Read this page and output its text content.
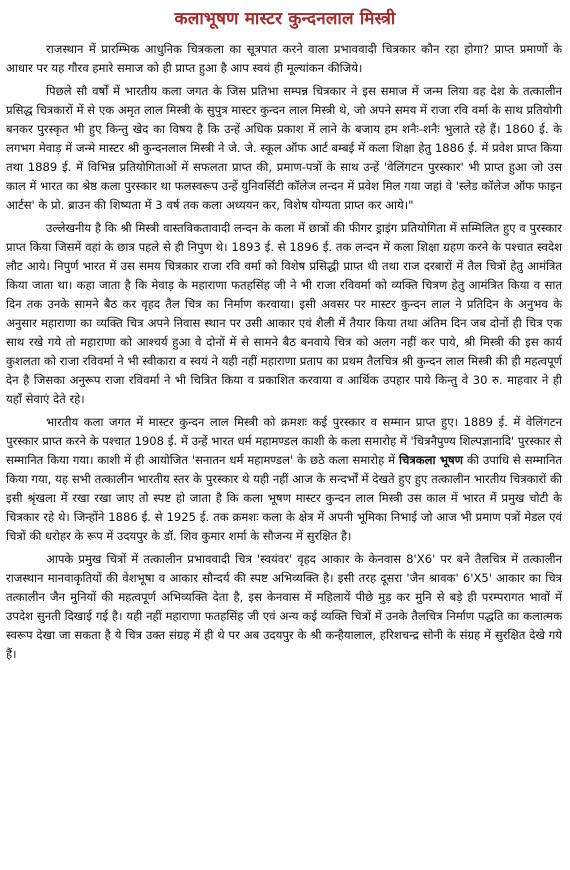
कलाभूषण मास्टर कुन्दनलाल मिस्त्री

राजस्थान में प्रारम्भिक आधुनिक चित्रकला का सूत्रपात करने वाला प्रभाववादी चित्रकार कौन रहा होगा? प्राप्त प्रमाणों के आधार पर यह गौरव हमारे समाज को ही प्राप्त हुआ है आप स्वयं ही मूल्यांकन कीजिये।

पिछले सौ वर्षों में भारतीय कला जगत के जिस प्रतिभा सम्पन्न चित्रकार ने इस समाज में जन्म लिया वह देश के तत्कालीन प्रसिद्ध चित्रकारों में से एक अमृत लाल मिस्त्री के सुपुत्र मास्टर कुन्दन लाल मिस्त्री थे, जो अपने समय में राजा रवि वर्मा के साथ प्रतियोगी बनकर पुरस्कृत भी हुए किन्तु खेद का विषय है कि उन्हें अधिक प्रकाश में लाने के बजाय हम शनैः-शनैः भुलाते रहे हैं। 1860 ई. के लगभग मेवाड़ में जन्मे मास्टर श्री कुन्दनलाल मिस्त्री ने जे. जे. स्कूल ऑफ आर्ट बम्बई में कला शिक्षा हेतु 1886 ई. में प्रवेश प्राप्त किया तथा 1889 ई. में विभिन्न प्रतियोगिताओं में सफलता प्राप्त की, प्रमाण-पत्रों के साथ उन्हें 'वेलिंगटन पुरस्कार' भी प्राप्त हुआ जो उस काल में भारत का श्रेष्ठ कला पुरस्कार था फलस्वरूप उन्हें युनिवर्सिटी कॉलेज लन्दन में प्रवेश मिल गया जहां वे 'स्लेड कॉलेज ऑफ फाइन आर्टस' के प्रो. ब्राउन की शिष्यता में 3 वर्ष तक कला अध्ययन कर, विशेष योग्यता प्राप्त कर आये।"

उल्लेखनीय है कि श्री मिस्त्री वास्तविकतावादी लन्दन के कला में छात्रों की फीगर ड्राइंग प्रतियोगिता में सम्मिलित हुए व पुरस्कार प्राप्त किया जिसमें वहां के छात्र पहले से ही निपुण थे। 1893 ई. से 1896 ई. तक लन्दन में कला शिक्षा ग्रहण करने के पश्चात स्वदेश लौट आये। निपुर्ण भारत में उस समय चित्रकार राजा रवि वर्मा को विशेष प्रसिद्धी प्राप्त थी तथा राज दरबारों में तैल चित्रों हेतु आमंत्रित किया जाता था। कहा जाता है कि मेवाड़ के महाराणा फतहसिंह जी ने भी राजा रविवर्मा को व्यक्ति चित्रण हेतु आमंत्रित किया व सात दिन तक उनके सामने बैठ कर वृहद तैल चित्र का निर्माण करवाया। इसी अवसर पर मास्टर कुन्दन लाल ने प्रतिदिन के अनुभव के अनुसार महाराणा का व्यक्ति चित्र अपने निवास स्थान पर उसी आकार एवं शैली में तैयार किया तथा अंतिम दिन जब दोनों ही चित्र एक साथ रखे गये तो महाराणा को आश्चर्य हुआ वे दोनों में से सामने बैठ बनवाये चित्र को अलग नहीं कर पाये, श्री मिस्त्री की इस कार्य कुशलता को राजा रविवर्मा ने भी स्वीकारा व स्वयं ने यही नहीं महाराणा प्रताप का प्रथम तैलचित्र श्री कुन्दन लाल मिस्त्री की ही महत्वपूर्ण देन है जिसका अनुरूप राजा रविवर्मा ने भी चित्रित किया व प्रकाशित करवाया व आर्थिक उपहार पाये किन्तु वे 30 रु. माहवार ने ही यहाँ सेवाएं देते रहे।

भारतीय कला जगत में मास्टर कुन्दन लाल मिस्त्री को क्रमशः कई पुरस्कार व सम्मान प्राप्त हुए। 1889 ई. में वेलिंगटन पुरस्कार प्राप्त करने के पश्चात 1908 ई. में उन्हें भारत धर्म महामण्डल काशी के कला समारोह में 'चित्रनैपुण्य शिल्पज्ञानादि' पुरस्कार से सम्मानित किया गया। काशी में ही आयोजित 'सनातन धर्म महामण्डल' के छठे कला समारोह में चित्रकला भूषण की उपाधि से सम्मानित किया गया, यह सभी तत्कालीन भारतीय स्तर के पुरस्कार थे यही नहीं आज के सन्दर्भों में देखते हुए हुए तत्कालीन भारतीय चित्रकारों की इसी श्रृंखला में रखा रखा जाए तो स्पष्ट हो जाता है कि कला भूषण मास्टर कुन्दन लाल मिस्त्री उस काल में भारत में प्रमुख चोटी के चित्रकार रहे थे। जिन्होंने 1886 ई. से 1925 ई. तक क्रमशः कला के क्षेत्र में अपनी भूमिका निभाई जो आज भी प्रमाण पत्रों मेडल एवं चित्रों की धरोहर के रूप में उदयपुर के डॉ. शिव कुमार शर्मा के सौजन्य में सुरक्षित है।

आपके प्रमुख चित्रों में तत्कालीन प्रभाववादी चित्र 'स्वयंवर' वृहद आकार के केनवास 8'X6' पर बने तैलचित्र में तत्कालीन राजस्थान मानवाकृतियों की वेशभूषा व आकार सौन्दर्य की स्पष्ट अभिव्यक्ति है। इसी तरह दूसरा 'जैन श्रावक' 6'X5' आकार का चित्र तत्कालीन जैन मुनियों की महत्वपूर्ण अभिव्यक्ति देता है, इस केनवास में महिलायें पीछे मुड़ कर मुनि से बड़े ही परम्परागत भावों में उपदेश सुनती दिखाई गई है। यही नहीं महाराणा फतहसिंह जी एवं अन्य कई व्यक्ति चित्रों में उनके तैलचित्र निर्माण पद्धति का कलात्मक स्वरूप देखा जा सकता है ये चित्र उक्त संग्रह में ही थे पर अब उदयपुर के श्री कन्हैयालाल, हरिशचन्द्र सोनी के संग्रह में सुरक्षित देखे गये हैं।
